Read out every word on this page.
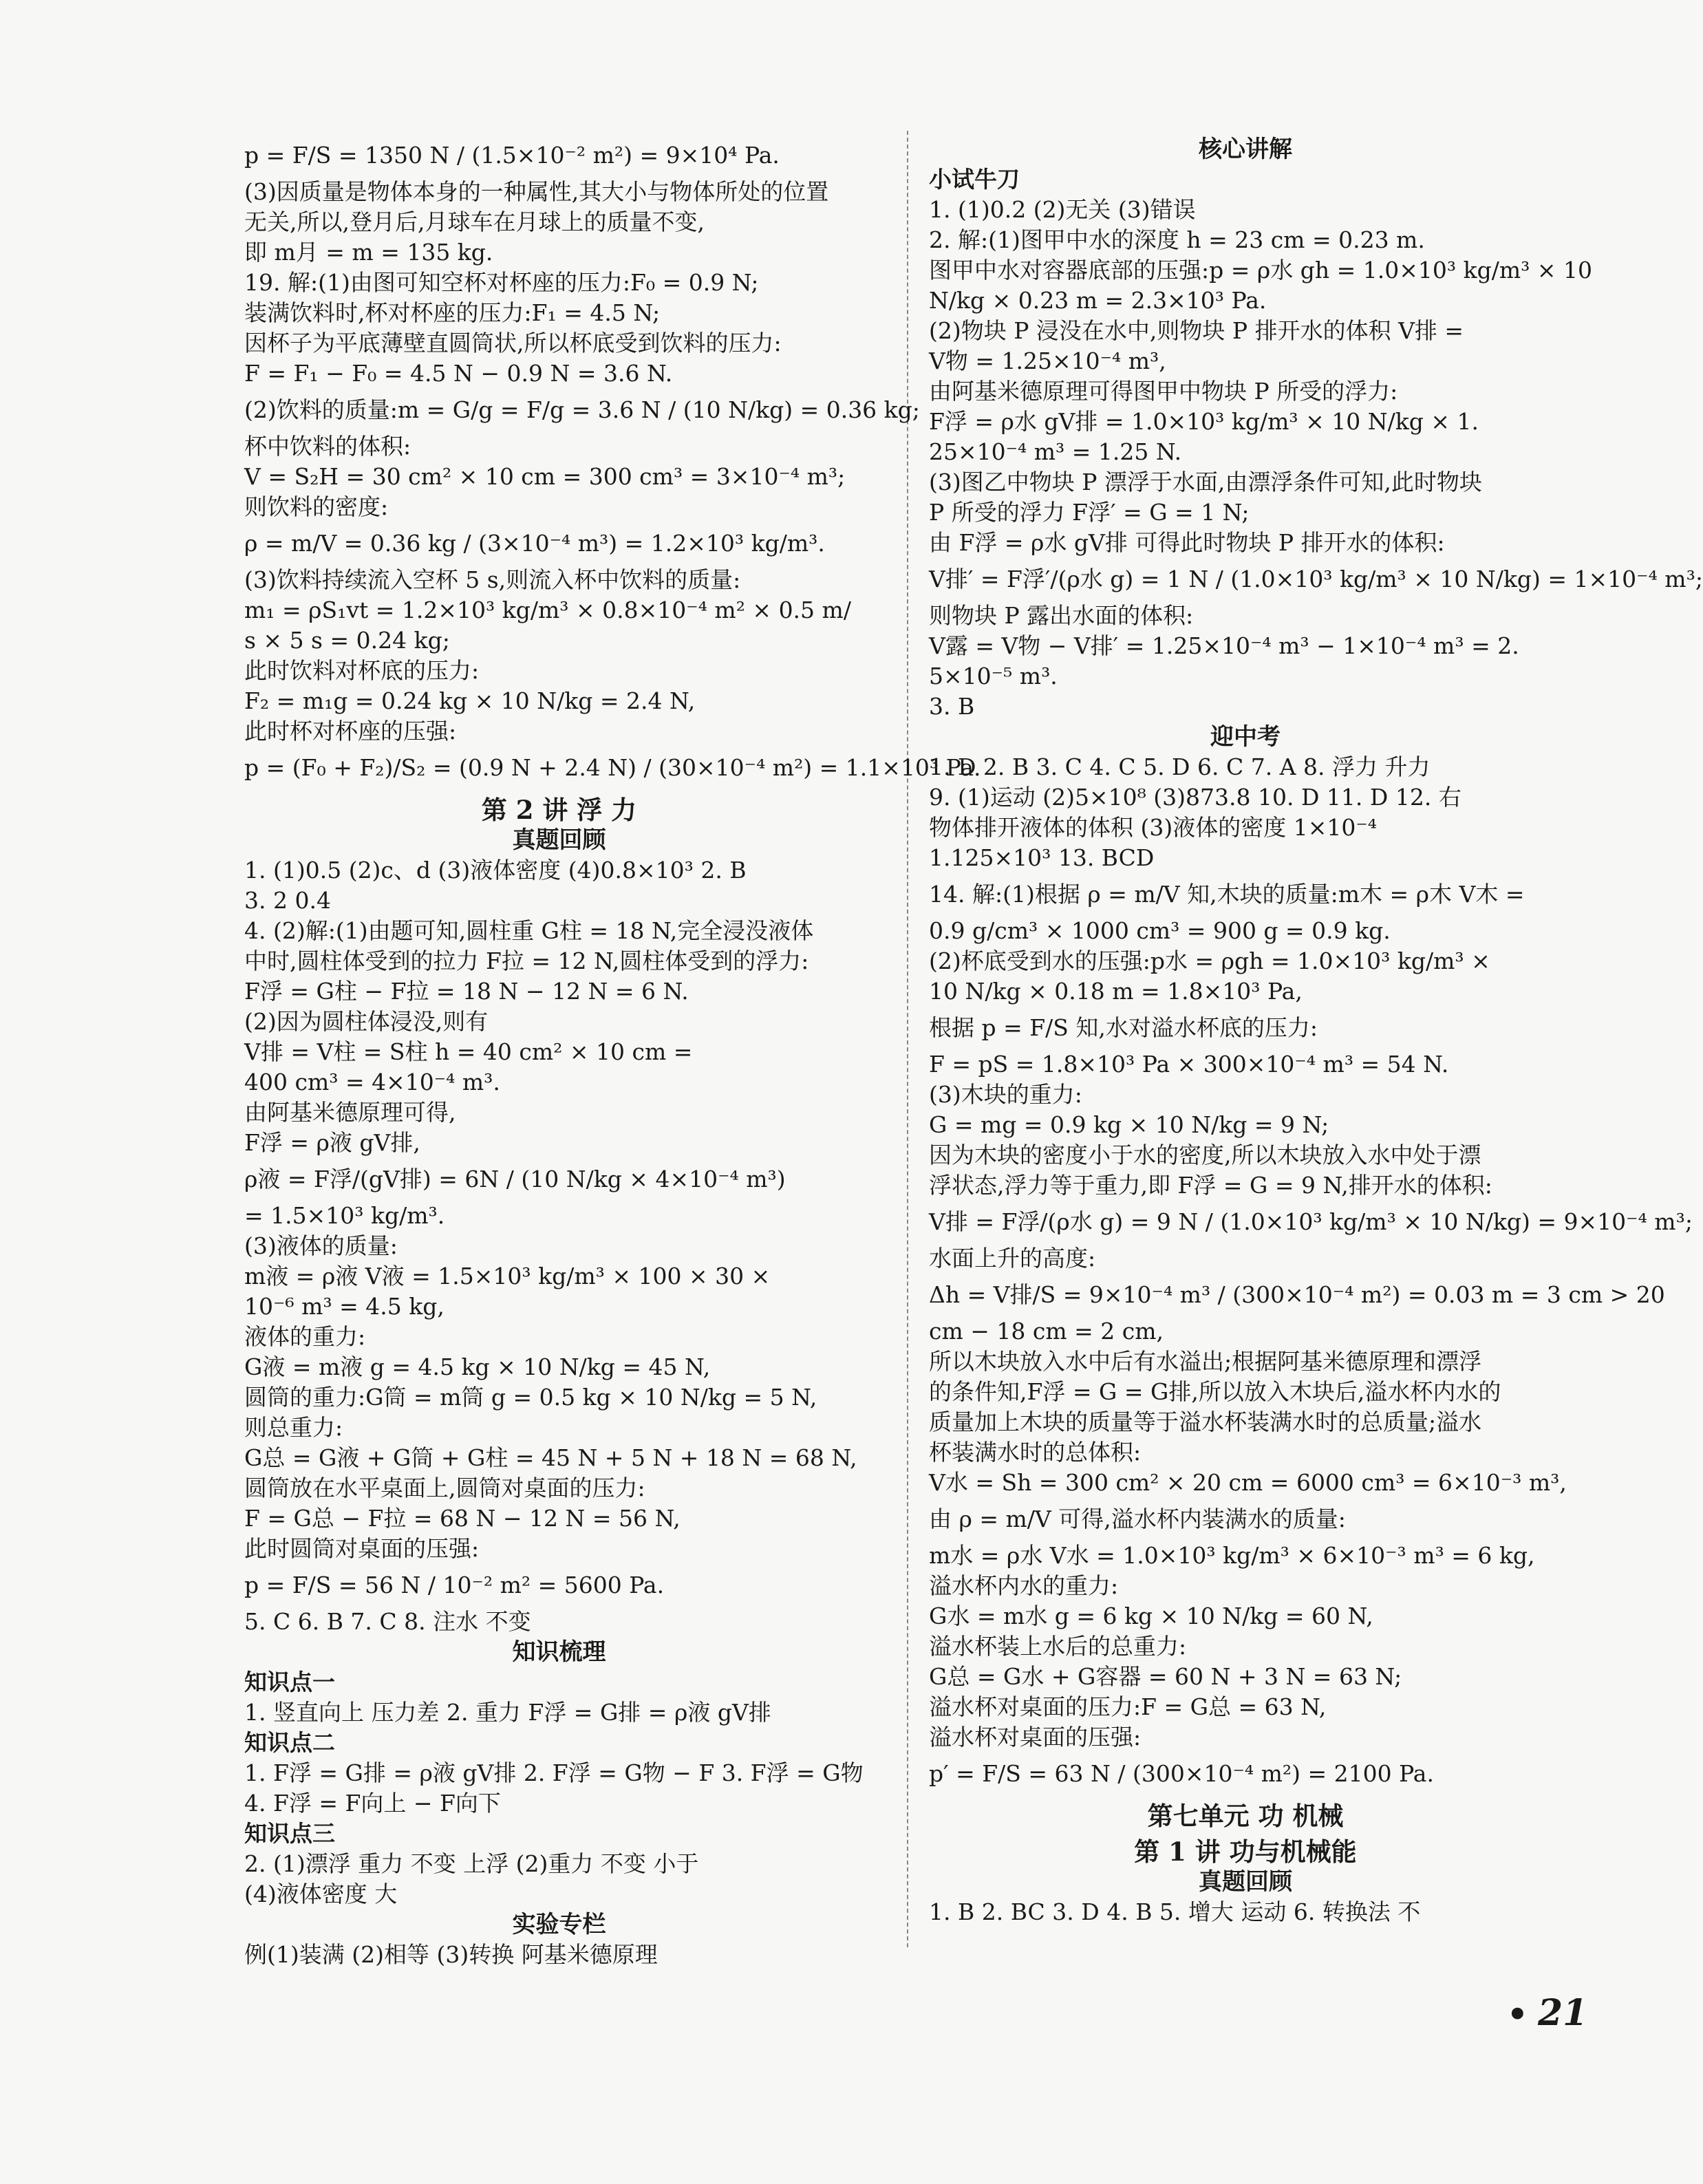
p = F/S = 1350 N / (1.5×10⁻² m²) = 9×10⁴ Pa.
(3)因质量是物体本身的一种属性,其大小与物体所处的位置
无关,所以,登月后,月球车在月球上的质量不变,
即 m月 = m = 135 kg.
19. 解:(1)由图可知空杯对杯座的压力:F₀ = 0.9 N;
装满饮料时,杯对杯座的压力:F₁ = 4.5 N;
因杯子为平底薄壁直圆筒状,所以杯底受到饮料的压力:
F = F₁ − F₀ = 4.5 N − 0.9 N = 3.6 N.
(2)饮料的质量:m = G/g = F/g = 3.6 N / (10 N/kg) = 0.36 kg;
杯中饮料的体积:
V = S₂H = 30 cm² × 10 cm = 300 cm³ = 3×10⁻⁴ m³;
则饮料的密度:
ρ = m/V = 0.36 kg / (3×10⁻⁴ m³) = 1.2×10³ kg/m³.
(3)饮料持续流入空杯 5 s,则流入杯中饮料的质量:
m₁ = ρS₁vt = 1.2×10³ kg/m³ × 0.8×10⁻⁴ m² × 0.5 m/
s × 5 s = 0.24 kg;
此时饮料对杯底的压力:
F₂ = m₁g = 0.24 kg × 10 N/kg = 2.4 N,
此时杯对杯座的压强:
p = (F₀ + F₂)/S₂ = (0.9 N + 2.4 N) / (30×10⁻⁴ m²) = 1.1×10³ Pa.
第 2 讲 浮 力
真题回顾
1. (1)0.5 (2)c、d (3)液体密度 (4)0.8×10³ 2. B
3. 2 0.4
4. (2)解:(1)由题可知,圆柱重 G柱 = 18 N,完全浸没液体
中时,圆柱体受到的拉力 F拉 = 12 N,圆柱体受到的浮力:
F浮 = G柱 − F拉 = 18 N − 12 N = 6 N.
(2)因为圆柱体浸没,则有
V排 = V柱 = S柱 h = 40 cm² × 10 cm =
400 cm³ = 4×10⁻⁴ m³.
由阿基米德原理可得,
F浮 = ρ液 gV排,
ρ液 = F浮/(gV排) = 6N / (10 N/kg × 4×10⁻⁴ m³)
= 1.5×10³ kg/m³.
(3)液体的质量:
m液 = ρ液 V液 = 1.5×10³ kg/m³ × 100 × 30 ×
10⁻⁶ m³ = 4.5 kg,
液体的重力:
G液 = m液 g = 4.5 kg × 10 N/kg = 45 N,
圆筒的重力:G筒 = m筒 g = 0.5 kg × 10 N/kg = 5 N,
则总重力:
G总 = G液 + G筒 + G柱 = 45 N + 5 N + 18 N = 68 N,
圆筒放在水平桌面上,圆筒对桌面的压力:
F = G总 − F拉 = 68 N − 12 N = 56 N,
此时圆筒对桌面的压强:
p = F/S = 56 N / 10⁻² m² = 5600 Pa.
5. C 6. B 7. C 8. 注水 不变
知识梳理
知识点一
1. 竖直向上 压力差 2. 重力 F浮 = G排 = ρ液 gV排
知识点二
1. F浮 = G排 = ρ液 gV排 2. F浮 = G物 − F 3. F浮 = G物
4. F浮 = F向上 − F向下
知识点三
2. (1)漂浮 重力 不变 上浮 (2)重力 不变 小于
(4)液体密度 大
实验专栏
例(1)装满 (2)相等 (3)转换 阿基米德原理
核心讲解
小试牛刀
1. (1)0.2 (2)无关 (3)错误
2. 解:(1)图甲中水的深度 h = 23 cm = 0.23 m.
图甲中水对容器底部的压强:p = ρ水 gh = 1.0×10³ kg/m³ × 10
N/kg × 0.23 m = 2.3×10³ Pa.
(2)物块 P 浸没在水中,则物块 P 排开水的体积 V排 =
V物 = 1.25×10⁻⁴ m³,
由阿基米德原理可得图甲中物块 P 所受的浮力:
F浮 = ρ水 gV排 = 1.0×10³ kg/m³ × 10 N/kg × 1.
25×10⁻⁴ m³ = 1.25 N.
(3)图乙中物块 P 漂浮于水面,由漂浮条件可知,此时物块
P 所受的浮力 F浮′ = G = 1 N;
由 F浮 = ρ水 gV排 可得此时物块 P 排开水的体积:
V排′ = F浮′/(ρ水 g) = 1 N / (1.0×10³ kg/m³ × 10 N/kg) = 1×10⁻⁴ m³;
则物块 P 露出水面的体积:
V露 = V物 − V排′ = 1.25×10⁻⁴ m³ − 1×10⁻⁴ m³ = 2.
5×10⁻⁵ m³.
3. B
迎中考
1. D 2. B 3. C 4. C 5. D 6. C 7. A 8. 浮力 升力
9. (1)运动 (2)5×10⁸ (3)873.8 10. D 11. D 12. 右
物体排开液体的体积 (3)液体的密度 1×10⁻⁴
1.125×10³ 13. BCD
14. 解:(1)根据 ρ = m/V 知,木块的质量:m木 = ρ木 V木 =
0.9 g/cm³ × 1000 cm³ = 900 g = 0.9 kg.
(2)杯底受到水的压强:p水 = ρgh = 1.0×10³ kg/m³ ×
10 N/kg × 0.18 m = 1.8×10³ Pa,
根据 p = F/S 知,水对溢水杯底的压力:
F = pS = 1.8×10³ Pa × 300×10⁻⁴ m³ = 54 N.
(3)木块的重力:
G = mg = 0.9 kg × 10 N/kg = 9 N;
因为木块的密度小于水的密度,所以木块放入水中处于漂
浮状态,浮力等于重力,即 F浮 = G = 9 N,排开水的体积:
V排 = F浮/(ρ水 g) = 9 N / (1.0×10³ kg/m³ × 10 N/kg) = 9×10⁻⁴ m³;
水面上升的高度:
Δh = V排/S = 9×10⁻⁴ m³ / (300×10⁻⁴ m²) = 0.03 m = 3 cm > 20
cm − 18 cm = 2 cm,
所以木块放入水中后有水溢出;根据阿基米德原理和漂浮
的条件知,F浮 = G = G排,所以放入木块后,溢水杯内水的
质量加上木块的质量等于溢水杯装满水时的总质量;溢水
杯装满水时的总体积:
V水 = Sh = 300 cm² × 20 cm = 6000 cm³ = 6×10⁻³ m³,
由 ρ = m/V 可得,溢水杯内装满水的质量:
m水 = ρ水 V水 = 1.0×10³ kg/m³ × 6×10⁻³ m³ = 6 kg,
溢水杯内水的重力:
G水 = m水 g = 6 kg × 10 N/kg = 60 N,
溢水杯装上水后的总重力:
G总 = G水 + G容器 = 60 N + 3 N = 63 N;
溢水杯对桌面的压力:F = G总 = 63 N,
溢水杯对桌面的压强:
p′ = F/S = 63 N / (300×10⁻⁴ m²) = 2100 Pa.
第七单元 功 机械
第 1 讲 功与机械能
真题回顾
1. B 2. BC 3. D 4. B 5. 增大 运动 6. 转换法 不
• 21
